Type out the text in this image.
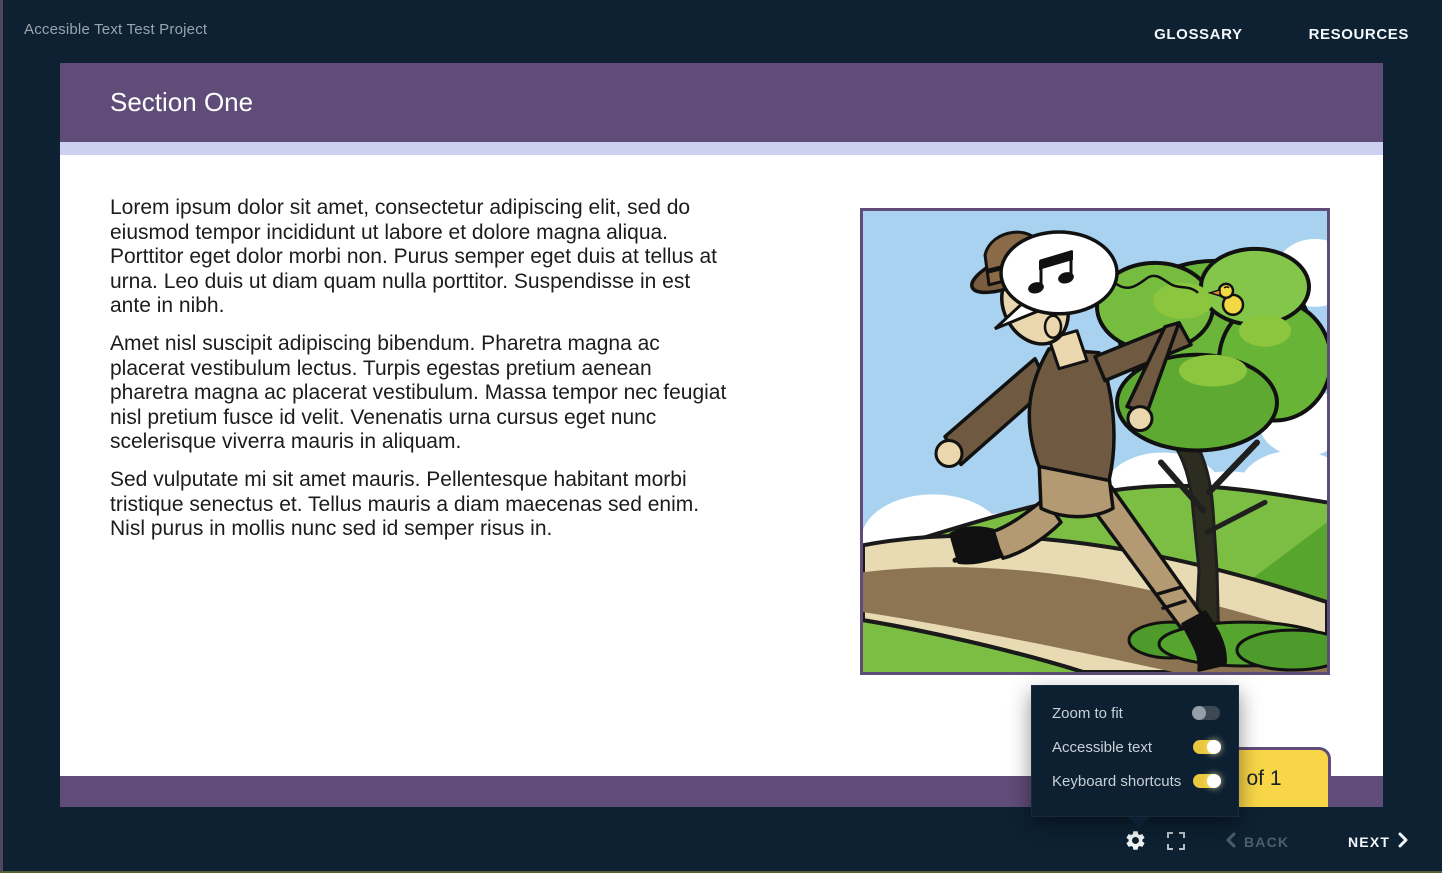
Accesible Text Test Project	GLOSSARY	RESOURCES
Section One

Lorem ipsum dolor sit amet, consectetur adipiscing elit, sed do eiusmod tempor incididunt ut labore et dolore magna aliqua. Porttitor eget dolor morbi non. Purus semper eget duis at tellus at urna. Leo duis ut diam quam nulla porttitor. Suspendisse in est ante in nibh.

Amet nisl suscipit adipiscing bibendum. Pharetra magna ac placerat vestibulum lectus. Turpis egestas pretium aenean pharetra magna ac placerat vestibulum. Massa tempor nec feugiat nisl pretium fusce id velit. Venenatis urna cursus eget nunc scelerisque viverra mauris in aliquam.

Sed vulputate mi sit amet mauris. Pellentesque habitant morbi tristique senectus et. Tellus mauris a diam maecenas sed enim. Nisl purus in mollis nunc sed id semper risus in.

of 1
Zoom to fit
Accessible text
Keyboard shortcuts
BACK	NEXT
